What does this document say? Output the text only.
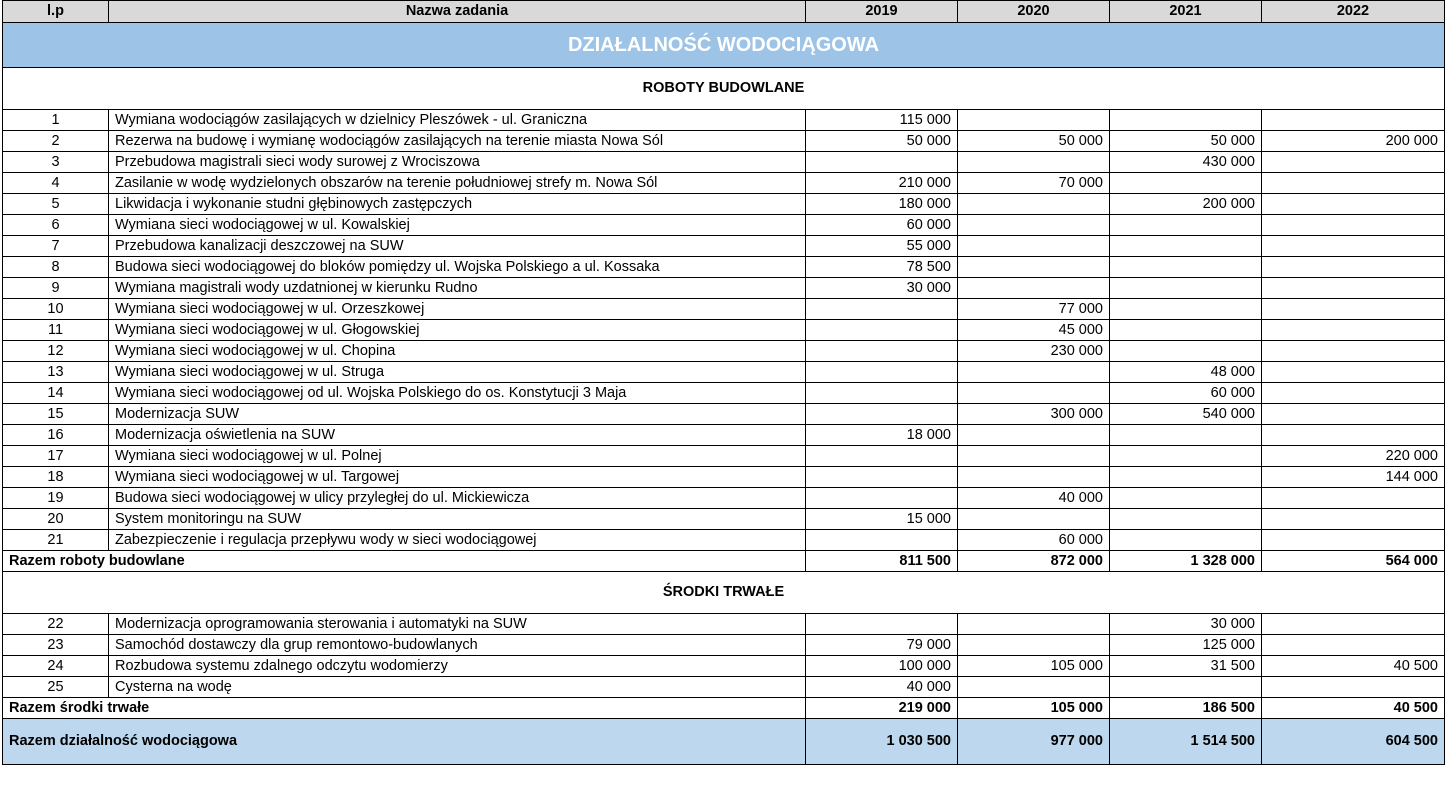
l.p	Nazwa zadania	2019	2020	2021	2022
DZIAŁALNOŚĆ WODOCIĄGOWA					
ROBOTY BUDOWLANE					
1	Wymiana wodociągów zasilających w dzielnicy Pleszówek - ul. Graniczna	115 000			
2	Rezerwa na budowę i wymianę wodociągów zasilających na terenie miasta Nowa Sól	50 000	50 000	50 000	200 000
3	Przebudowa magistrali sieci wody surowej z Wrociszowa			430 000	
4	Zasilanie w wodę wydzielonych obszarów na terenie południowej strefy m. Nowa Sól	210 000	70 000		
5	Likwidacja i wykonanie studni głębinowych zastępczych	180 000		200 000	
6	Wymiana sieci wodociągowej w ul. Kowalskiej	60 000			
7	Przebudowa kanalizacji deszczowej na SUW	55 000			
8	Budowa sieci wodociągowej do bloków pomiędzy ul. Wojska Polskiego a ul. Kossaka	78 500			
9	Wymiana magistrali wody uzdatnionej w kierunku Rudno	30 000			
10	Wymiana sieci wodociągowej w ul. Orzeszkowej		77 000		
11	Wymiana sieci wodociągowej w ul. Głogowskiej		45 000		
12	Wymiana sieci wodociągowej w ul. Chopina		230 000		
13	Wymiana sieci wodociągowej w ul. Struga			48 000	
14	Wymiana sieci wodociągowej od ul. Wojska Polskiego do os. Konstytucji 3 Maja			60 000	
15	Modernizacja SUW		300 000	540 000	
16	Modernizacja oświetlenia na SUW	18 000			
17	Wymiana sieci wodociągowej w ul. Polnej				220 000
18	Wymiana sieci wodociągowej w ul. Targowej				144 000
19	Budowa sieci wodociągowej w ulicy przyległej do ul. Mickiewicza		40 000		
20	System monitoringu na SUW	15 000			
21	Zabezpieczenie i regulacja przepływu wody w sieci wodociągowej		60 000		
Razem roboty budowlane		811 500	872 000	1 328 000	564 000
ŚRODKI TRWAŁE					
22	Modernizacja oprogramowania sterowania i automatyki na SUW			30 000	
23	Samochód dostawczy dla grup remontowo-budowlanych	79 000		125 000	
24	Rozbudowa systemu zdalnego odczytu wodomierzy	100 000	105 000	31 500	40 500
25	Cysterna na wodę	40 000			
Razem środki trwałe		219 000	105 000	186 500	40 500
Razem działalność wodociągowa		1 030 500	977 000	1 514 500	604 500
